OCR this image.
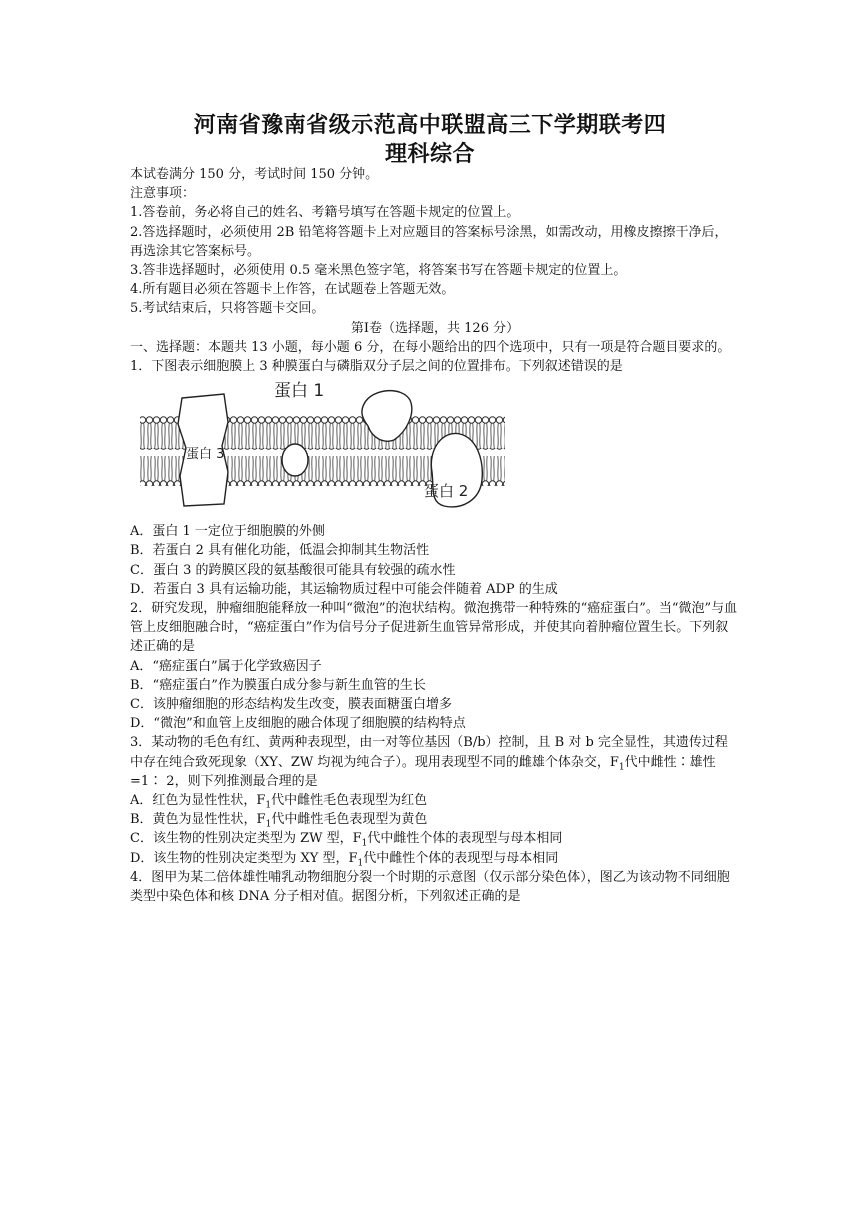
河南省豫南省级示范高中联盟高三下学期联考四
理科综合

本试卷满分 150 分，考试时间 150 分钟。

注意事项：

1.答卷前，务必将自己的姓名、考籍号填写在答题卡规定的位置上。

2.答选择题时，必须使用 2B 铅笔将答题卡上对应题目的答案标号涂黑，如需改动，用橡皮擦擦干净后，再选涂其它答案标号。

3.答非选择题时，必须使用 0.5 毫米黑色签字笔，将答案书写在答题卡规定的位置上。

4.所有题目必须在答题卡上作答，在试题卷上答题无效。

5.考试结束后，只将答题卡交回。

第Ⅰ卷（选择题，共 126 分）

一、选择题：本题共 13 小题，每小题 6 分，在每小题给出的四个选项中，只有一项是符合题目要求的。

1．下图表示细胞膜上 3 种膜蛋白与磷脂双分子层之间的位置排布。下列叙述错误的是

蛋白 1
蛋白 2
蛋白 3

A．蛋白 1 一定位于细胞膜的外侧

B．若蛋白 2 具有催化功能，低温会抑制其生物活性

C．蛋白 3 的跨膜区段的氨基酸很可能具有较强的疏水性

D．若蛋白 3 具有运输功能，其运输物质过程中可能会伴随着 ADP 的生成

2．研究发现，肿瘤细胞能释放一种叫“微泡”的泡状结构。微泡携带一种特殊的“癌症蛋白”。当“微泡”与血管上皮细胞融合时，“癌症蛋白”作为信号分子促进新生血管异常形成，并使其向着肿瘤位置生长。下列叙述正确的是

A．“癌症蛋白”属于化学致癌因子

B．“癌症蛋白”作为膜蛋白成分参与新生血管的生长

C．该肿瘤细胞的形态结构发生改变，膜表面糖蛋白增多

D．“微泡”和血管上皮细胞的融合体现了细胞膜的结构特点

3．某动物的毛色有红、黄两种表现型，由一对等位基因（B/b）控制，且 B 对 b 完全显性，其遗传过程中存在纯合致死现象（XY、ZW 均视为纯合子）。现用表现型不同的雌雄个体杂交，$F_1$代中雌性∶雄性=1∶ 2，则下列推测最合理的是

A．红色为显性性状，$F_1$代中雌性毛色表现型为红色

B．黄色为显性性状，$F_1$代中雌性毛色表现型为黄色

C．该生物的性别决定类型为 ZW 型，$F_1$代中雌性个体的表现型与母本相同

D．该生物的性别决定类型为 XY 型，$F_1$代中雌性个体的表现型与母本相同

4．图甲为某二倍体雄性哺乳动物细胞分裂一个时期的示意图（仅示部分染色体），图乙为该动物不同细胞类型中染色体和核 DNA 分子相对值。据图分析，下列叙述正确的是
